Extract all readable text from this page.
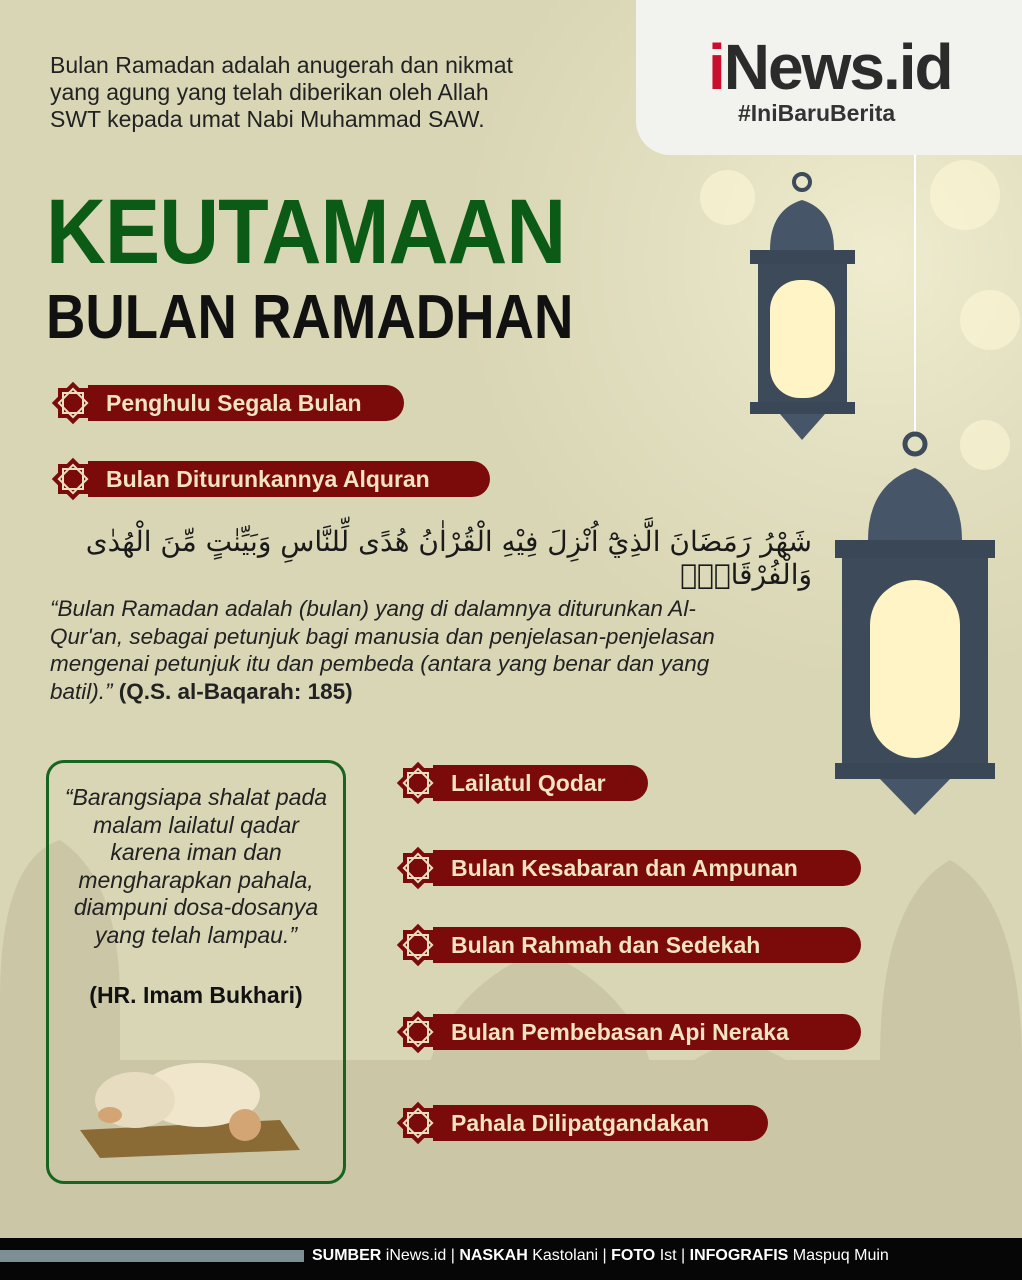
iNews.id
#IniBaruBerita
Bulan Ramadan adalah anugerah dan nikmat yang agung yang telah diberikan oleh Allah SWT kepada umat Nabi Muhammad SAW.
KEUTAMAAN
BULAN RAMADHAN
Penghulu Segala Bulan
Bulan Diturunkannya Alquran
Lailatul Qodar
Bulan Kesabaran dan Ampunan
Bulan Rahmah dan Sedekah
Bulan Pembebasan Api Neraka
Pahala Dilipatgandakan
شَهْرُ رَمَضَانَ الَّذِيْٓ اُنْزِلَ فِيْهِ الْقُرْاٰنُ هُدًى لِّلنَّاسِ وَبَيِّنٰتٍ مِّنَ الْهُدٰى وَالْفُرْقَانِۚ
“Bulan Ramadan adalah (bulan) yang di dalamnya diturunkan Al-Qur'an, sebagai petunjuk bagi manusia dan penjelasan-penjelasan mengenai petunjuk itu dan pembeda (antara yang benar dan yang batil).” (Q.S. al-Baqarah: 185)
“Barangsiapa shalat pada malam lailatul qadar karena iman dan mengharapkan pahala, diampuni dosa-dosanya yang telah lampau.”
(HR. Imam Bukhari)
SUMBER iNews.id | NASKAH Kastolani | FOTO Ist | INFOGRAFIS Maspuq Muin
